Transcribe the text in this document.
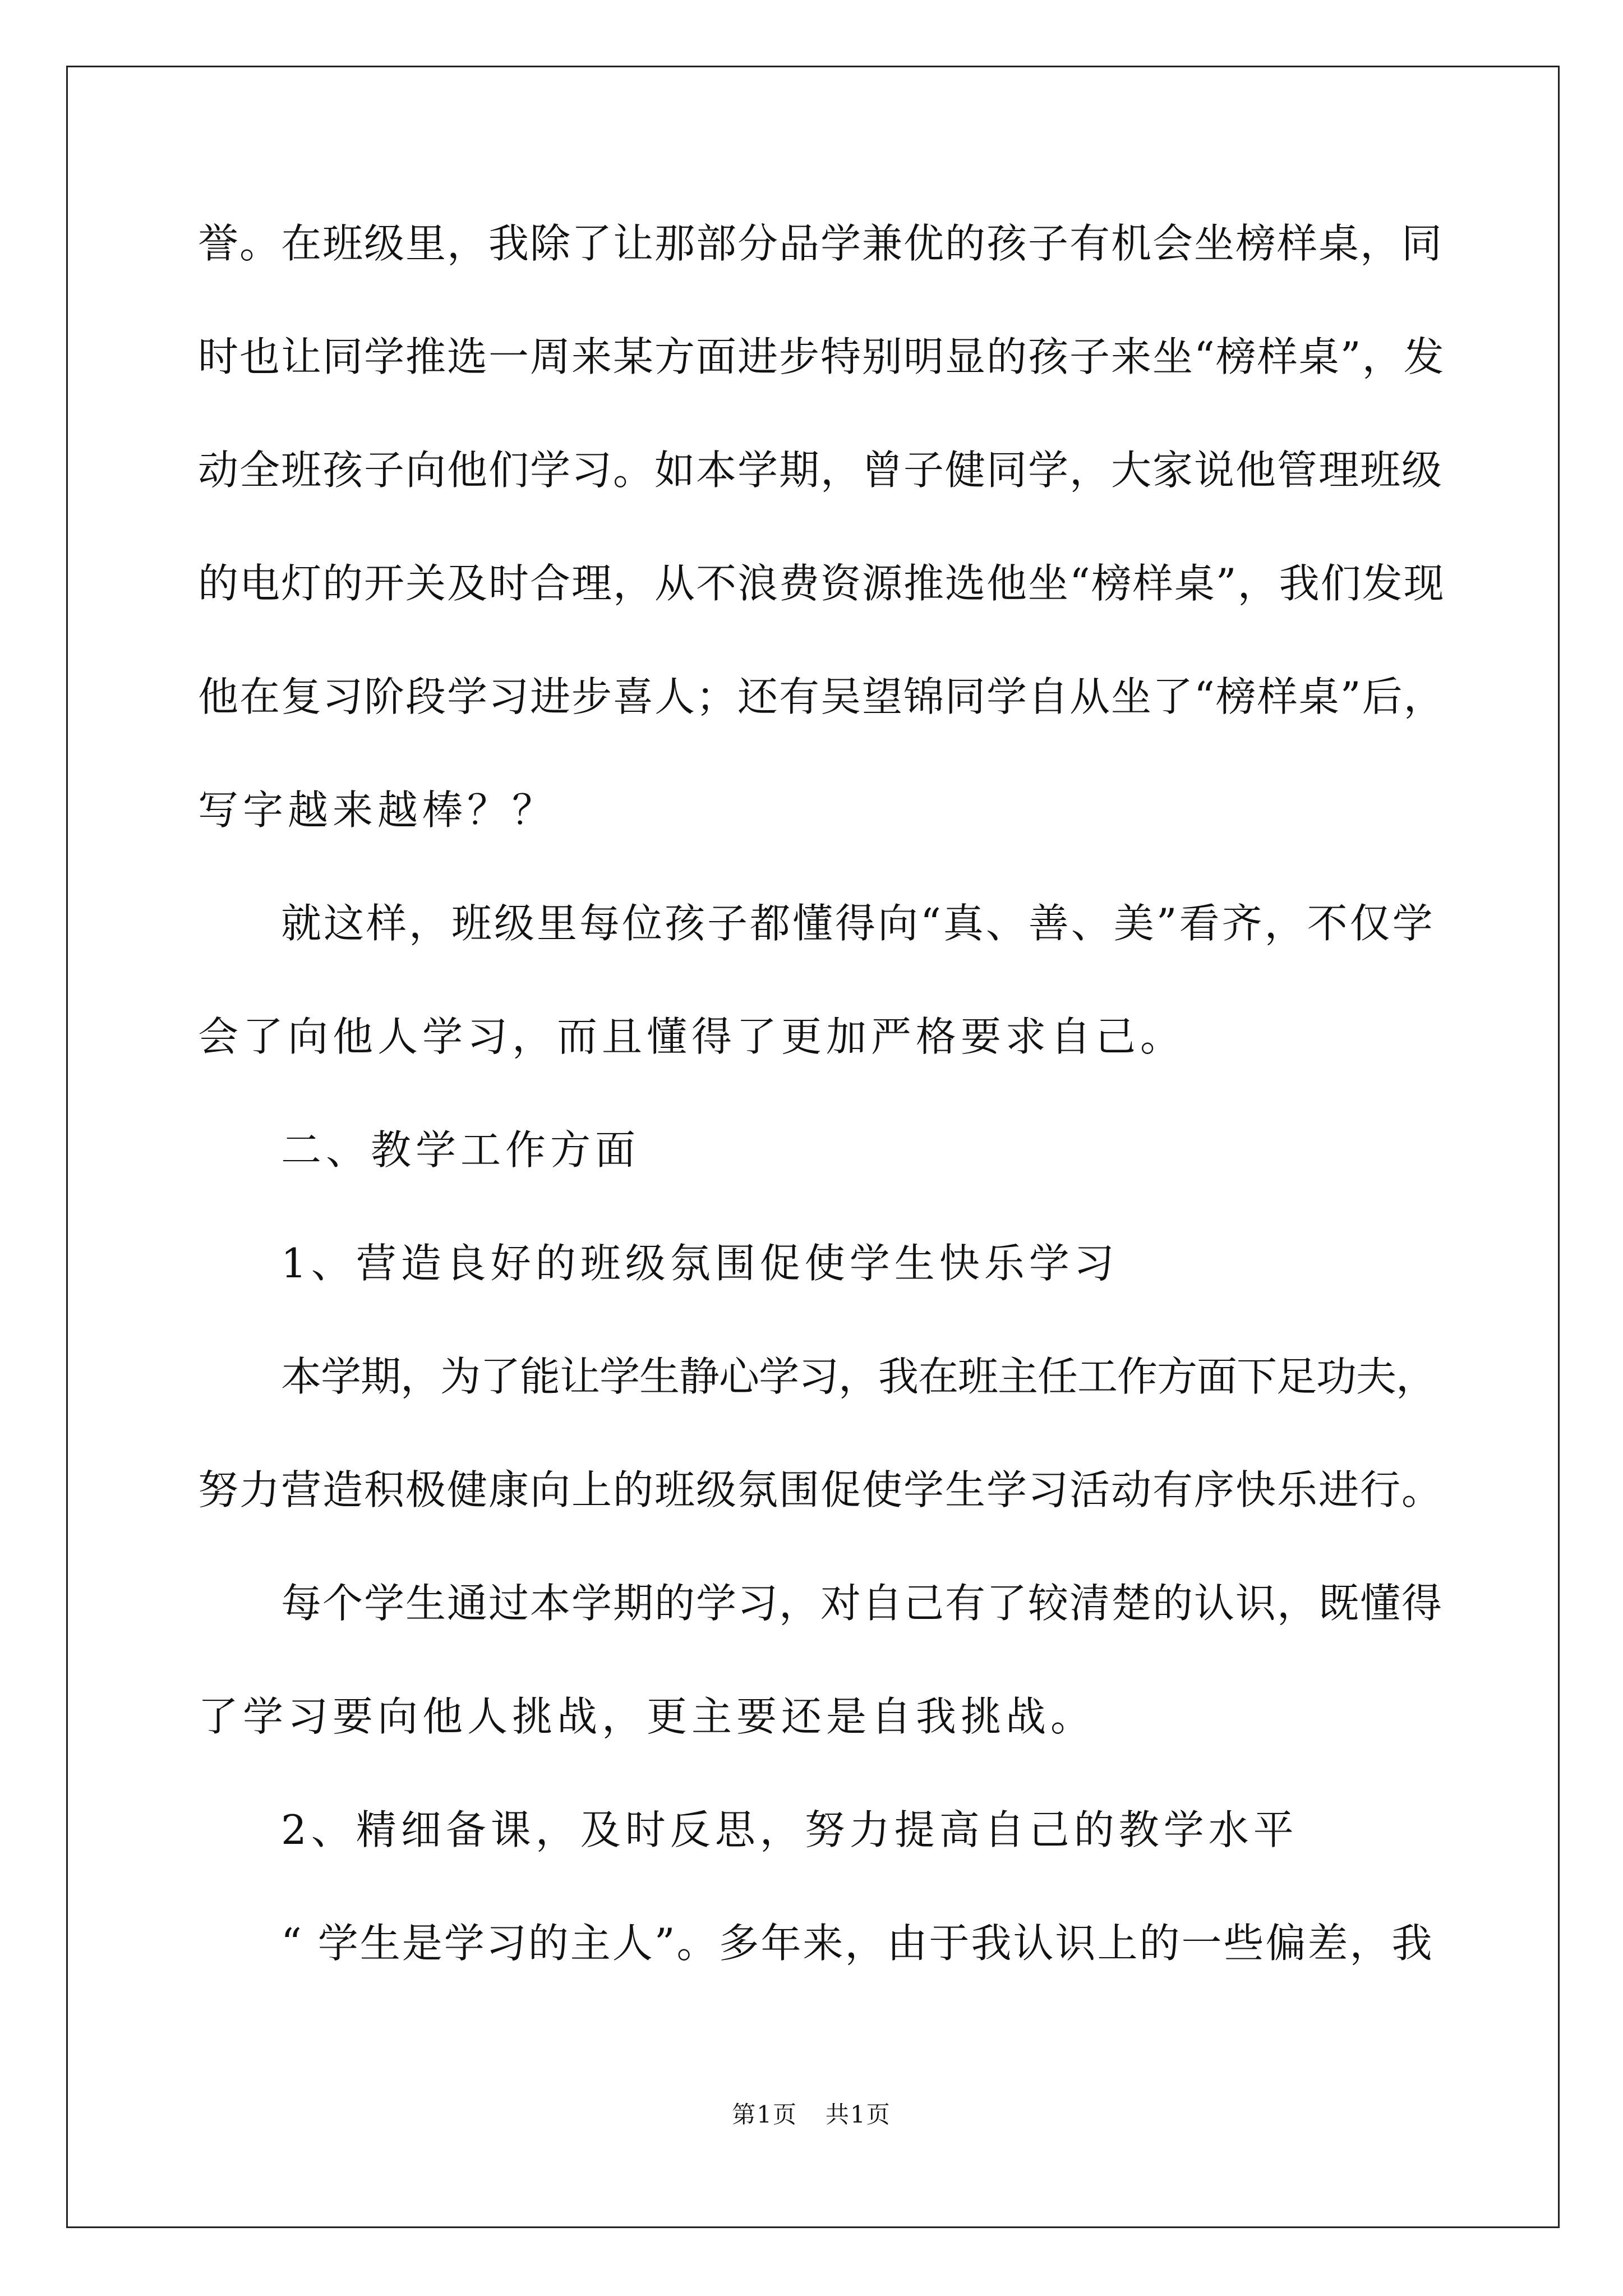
第1页 共1页
誉。在班级里，我除了让那部分品学兼优的孩子有机会坐榜样桌，同
时也让同学推选一周来某方面进步特别明显的孩子来坐“榜样桌”，发
动全班孩子向他们学习。如本学期，曾子健同学，大家说他管理班级
的电灯的开关及时合理，从不浪费资源推选他坐“榜样桌”，我们发现
他在复习阶段学习进步喜人；还有吴望锦同学自从坐了“榜样桌”后，
写字越来越棒？？
就这样，班级里每位孩子都懂得向“真、善、美”看齐，不仅学
会了向他人学习，而且懂得了更加严格要求自己。
二、教学工作方面
1、营造良好的班级氛围促使学生快乐学习
本学期，为了能让学生静心学习，我在班主任工作方面下足功夫，
努力营造积极健康向上的班级氛围促使学生学习活动有序快乐进行。
每个学生通过本学期的学习，对自己有了较清楚的认识，既懂得
了学习要向他人挑战，更主要还是自我挑战。
2、精细备课，及时反思，努力提高自己的教学水平
“ 学生是学习的主人”。多年来，由于我认识上的一些偏差，我
